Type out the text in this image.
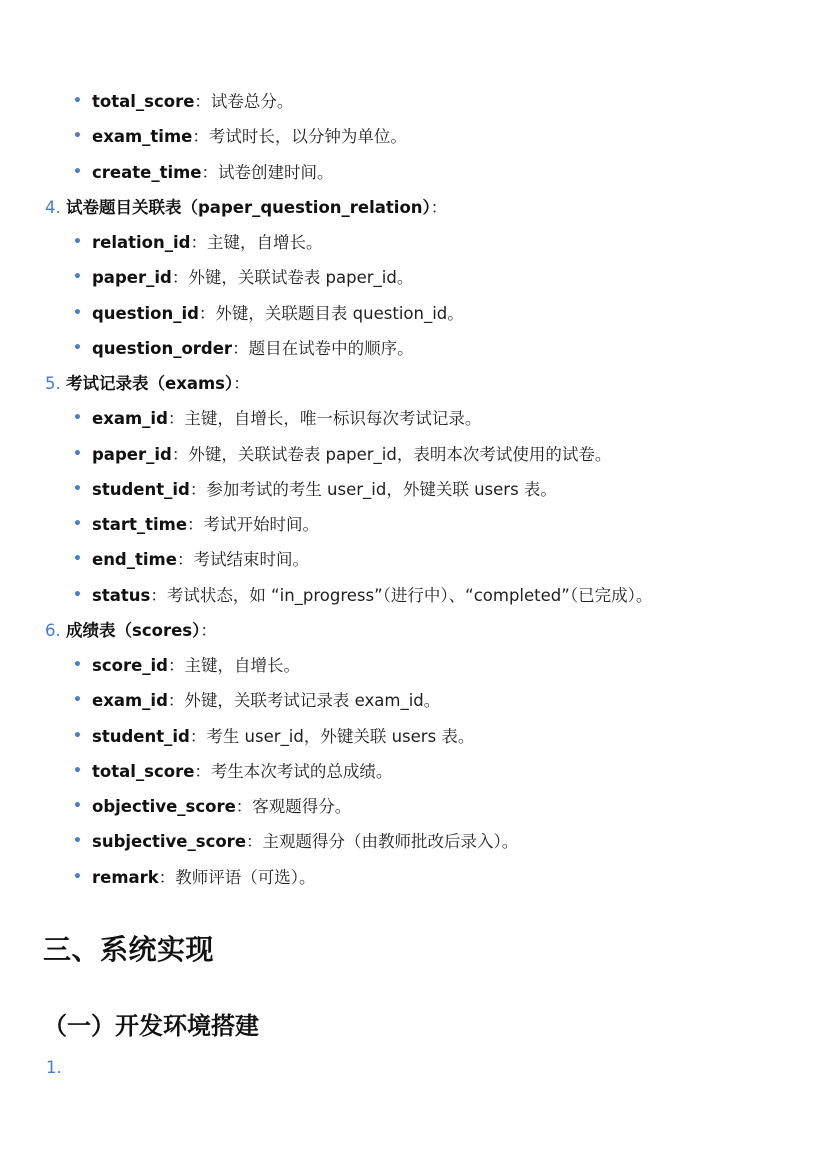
• total_score：试卷总分。
• exam_time：考试时长，以分钟为单位。
• create_time：试卷创建时间。
4. 试卷题目关联表（paper_question_relation）：
• relation_id：主键，自增长。
• paper_id：外键，关联试卷表 paper_id。
• question_id：外键，关联题目表 question_id。
• question_order：题目在试卷中的顺序。
5. 考试记录表（exams）：
• exam_id：主键，自增长，唯一标识每次考试记录。
• paper_id：外键，关联试卷表 paper_id，表明本次考试使用的试卷。
• student_id：参加考试的考生 user_id，外键关联 users 表。
• start_time：考试开始时间。
• end_time：考试结束时间。
• status：考试状态，如 “in_progress”（进行中）、“completed”（已完成）。
6. 成绩表（scores）：
• score_id：主键，自增长。
• exam_id：外键，关联考试记录表 exam_id。
• student_id：考生 user_id，外键关联 users 表。
• total_score：考生本次考试的总成绩。
• objective_score：客观题得分。
• subjective_score：主观题得分（由教师批改后录入）。
• remark：教师评语（可选）。
三、系统实现
（一）开发环境搭建
1.
